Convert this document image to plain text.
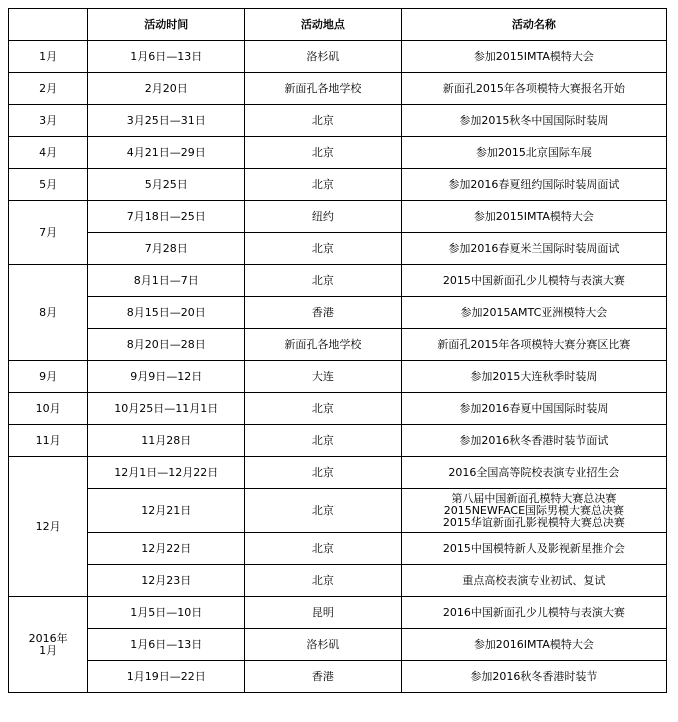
	活动时间	活动地点	活动名称
1月	1月6日—13日	洛杉矶	参加2015IMTA模特大会

2月	2月20日	新面孔各地学校	新面孔2015年各项模特大赛报名开始

3月	3月25日—31日	北京	参加2015秋冬中国国际时装周

4月	4月21日—29日	北京	参加2015北京国际车展

5月	5月25日	北京	参加2016春夏纽约国际时装周面试

7月	7月18日—25日	纽约	参加2015IMTA模特大会

	7月28日	北京	参加2016春夏米兰国际时装周面试

8月	8月1日—7日	北京	2015中国新面孔少儿模特与表演大赛

	8月15日—20日	香港	参加2015AMTC亚洲模特大会

	8月20日—28日	新面孔各地学校	新面孔2015年各项模特大赛分赛区比赛

9月	9月9日—12日	大连	参加2015大连秋季时装周

10月	10月25日—11月1日	北京	参加2016春夏中国国际时装周

11月	11月28日	北京	参加2016秋冬香港时装节面试

12月	12月1日—12月22日	北京	2016全国高等院校表演专业招生会

	12月21日	北京	第八届中国新面孔模特大赛总决赛
2015NEWFACE国际男模大赛总决赛
2015华谊新面孔影视模特大赛总决赛

	12月22日	北京	2015中国模特新人及影视新星推介会

	12月23日	北京	重点高校表演专业初试、复试

2016年
1月	1月5日—10日	昆明	2016中国新面孔少儿模特与表演大赛

	1月6日—13日	洛杉矶	参加2016IMTA模特大会

	1月19日—22日	香港	参加2016秋冬香港时装节
